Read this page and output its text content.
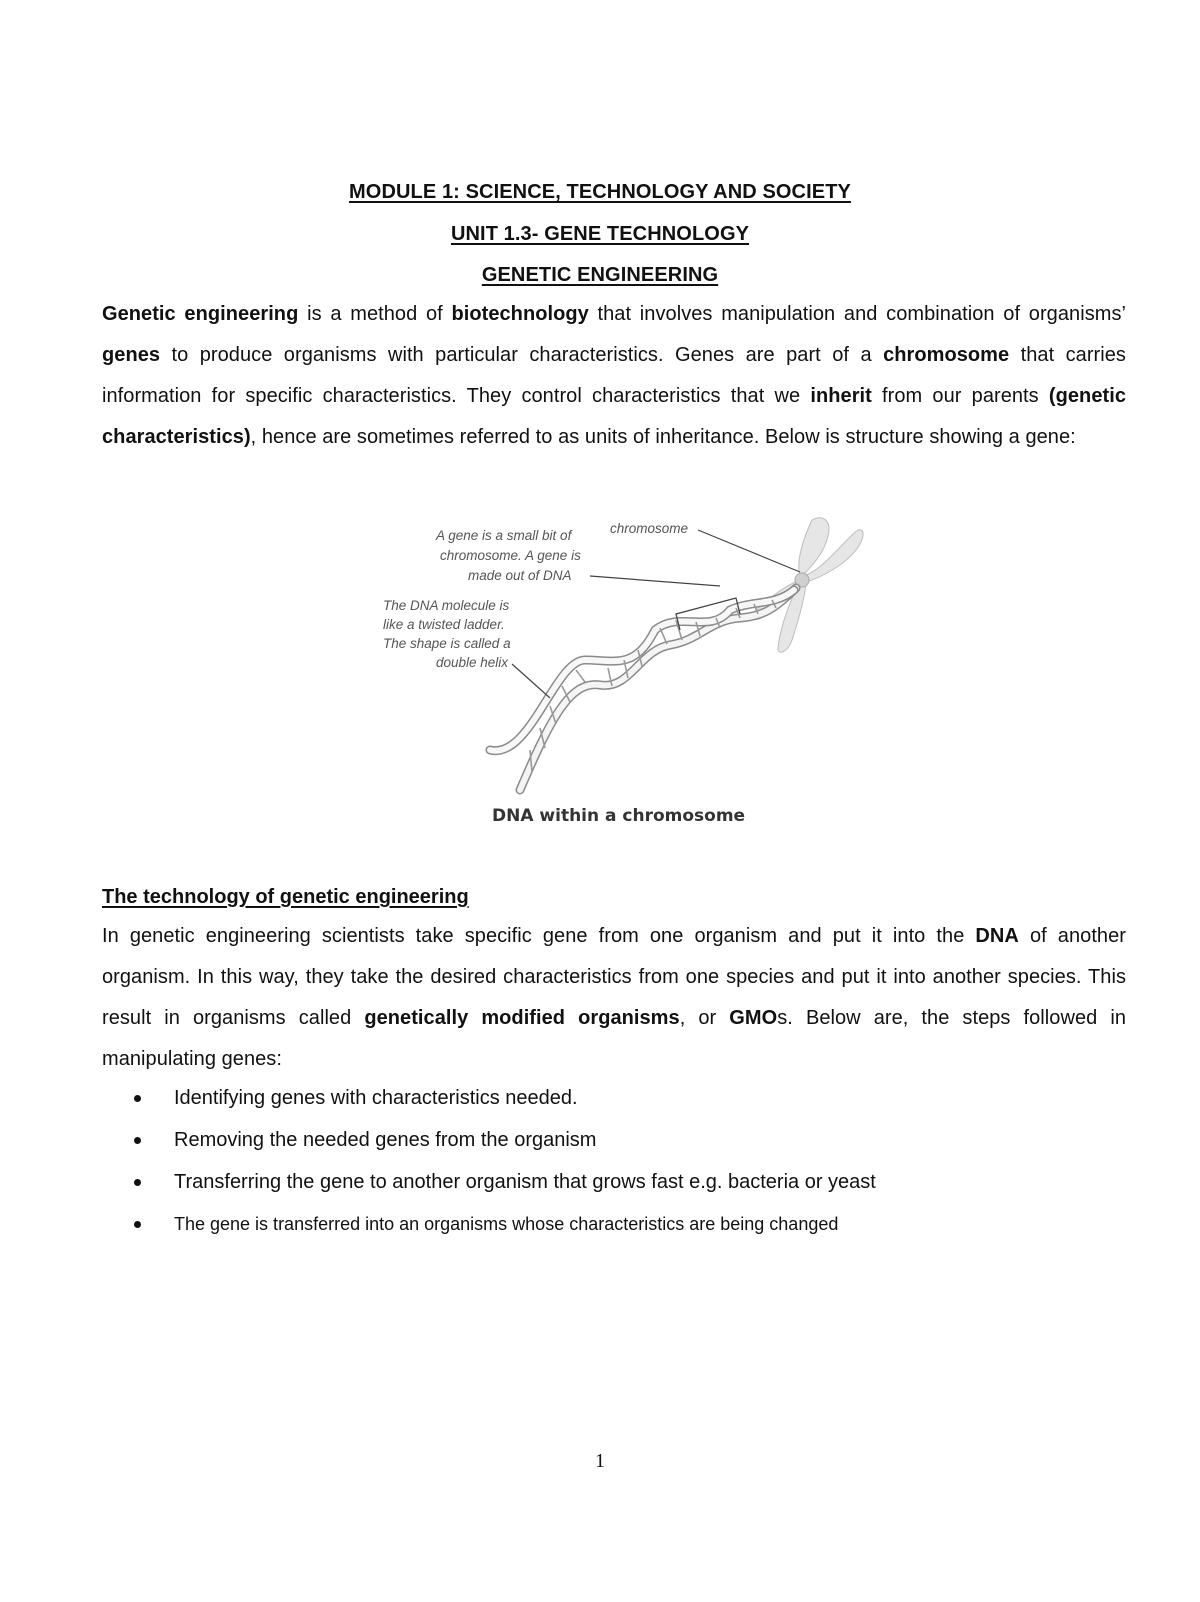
MODULE 1: SCIENCE, TECHNOLOGY AND SOCIETY
UNIT 1.3- GENE TECHNOLOGY
GENETIC ENGINEERING
Genetic engineering is a method of biotechnology that involves manipulation and combination of organisms’ genes to produce organisms with particular characteristics. Genes are part of a chromosome that carries information for specific characteristics. They control characteristics that we inherit from our parents (genetic characteristics), hence are sometimes referred to as units of inheritance. Below is structure showing a gene:
A gene is a small bit of
chromosome. A gene is
made out of DNA
chromosome
The DNA molecule is
like a twisted ladder.
The shape is called a
double helix
DNA within a chromosome
The technology of genetic engineering
In genetic engineering scientists take specific gene from one organism and put it into the DNA of another organism. In this way, they take the desired characteristics from one species and put it into another species. This result in organisms called genetically modified organisms, or GMOs. Below are, the steps followed in manipulating genes:
Identifying genes with characteristics needed.
Removing the needed genes from the organism
Transferring the gene to another organism that grows fast e.g. bacteria or yeast
The gene is transferred into an organisms whose characteristics are being changed
1
